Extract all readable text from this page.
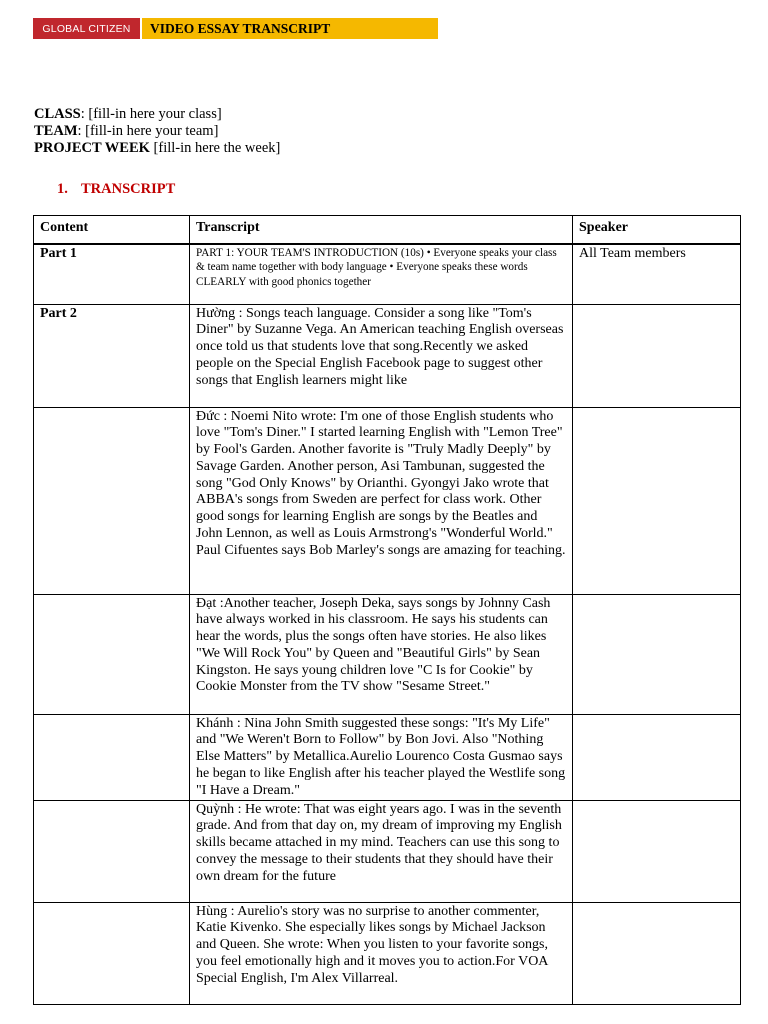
GLOBAL CITIZEN	VIDEO ESSAY TRANSCRIPT
CLASS: [fill-in here your class]
TEAM: [fill-in here your team]
PROJECT WEEK [fill-in here the week]
1. TRANSCRIPT
Content	Transcript	Speaker
Part 1	PART 1: YOUR TEAM'S INTRODUCTION (10s) • Everyone speaks your class & team name together with body language • Everyone speaks these words CLEARLY with good phonics together	All Team members
Part 2	Hường : Songs teach language. Consider a song like "Tom's Diner" by Suzanne Vega. An American teaching English overseas once told us that students love that song.Recently we asked people on the Special English Facebook page to suggest other songs that English learners might like	
	Đức : Noemi Nito wrote: I'm one of those English students who love "Tom's Diner." I started learning English with "Lemon Tree" by Fool's Garden. Another favorite is "Truly Madly Deeply" by Savage Garden. Another person, Asi Tambunan, suggested the song "God Only Knows" by Orianthi. Gyongyi Jako wrote that ABBA's songs from Sweden are perfect for class work. Other good songs for learning English are songs by the Beatles and John Lennon, as well as Louis Armstrong's "Wonderful World." Paul Cifuentes says Bob Marley's songs are amazing for teaching.	
	Đạt :Another teacher, Joseph Deka, says songs by Johnny Cash have always worked in his classroom. He says his students can hear the words, plus the songs often have stories. He also likes "We Will Rock You" by Queen and "Beautiful Girls" by Sean Kingston. He says young children love "C Is for Cookie" by Cookie Monster from the TV show "Sesame Street."	
	Khánh : Nina John Smith suggested these songs: "It's My Life" and "We Weren't Born to Follow" by Bon Jovi. Also "Nothing Else Matters" by Metallica.Aurelio Lourenco Costa Gusmao says he began to like English after his teacher played the Westlife song "I Have a Dream."	
	Quỳnh : He wrote: That was eight years ago. I was in the seventh grade. And from that day on, my dream of improving my English skills became attached in my mind. Teachers can use this song to convey the message to their students that they should have their own dream for the future	
	Hùng : Aurelio's story was no surprise to another commenter, Katie Kivenko. She especially likes songs by Michael Jackson and Queen. She wrote: When you listen to your favorite songs, you feel emotionally high and it moves you to action.For VOA Special English, I'm Alex Villarreal.	
